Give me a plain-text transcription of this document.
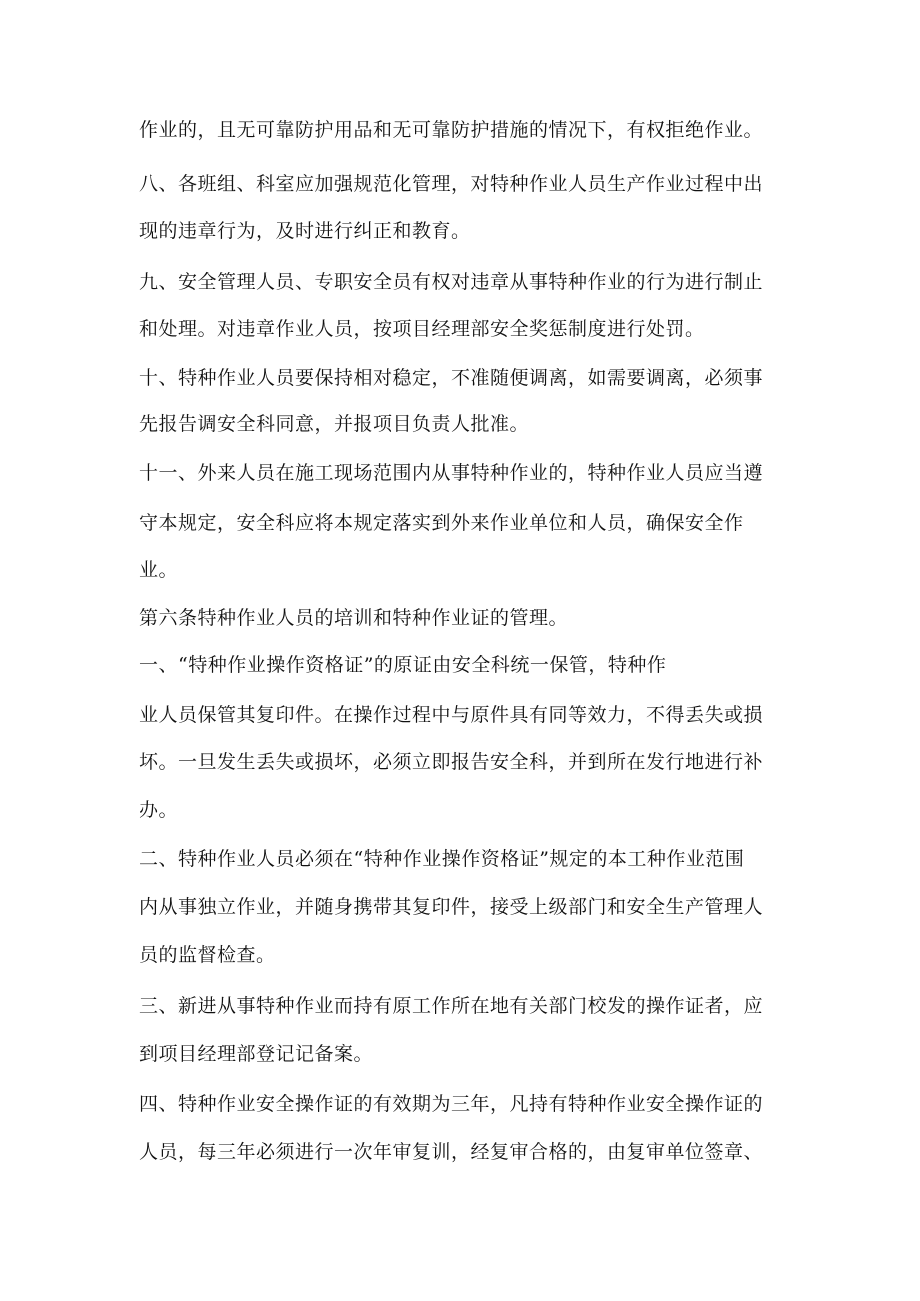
作业的，且无可靠防护用品和无可靠防护措施的情况下，有权拒绝作业。
八、各班组、科室应加强规范化管理，对特种作业人员生产作业过程中出
现的违章行为，及时进行纠正和教育。
九、安全管理人员、专职安全员有权对违章从事特种作业的行为进行制止
和处理。对违章作业人员，按项目经理部安全奖惩制度进行处罚。
十、特种作业人员要保持相对稳定，不准随便调离，如需要调离，必须事
先报告调安全科同意，并报项目负责人批准。
十一、外来人员在施工现场范围内从事特种作业的，特种作业人员应当遵
守本规定，安全科应将本规定落实到外来作业单位和人员，确保安全作
业。
第六条特种作业人员的培训和特种作业证的管理。
一、“特种作业操作资格证”的原证由安全科统一保管，特种作
业人员保管其复印件。在操作过程中与原件具有同等效力，不得丢失或损
坏。一旦发生丢失或损坏，必须立即报告安全科，并到所在发行地进行补
办。
二、特种作业人员必须在“特种作业操作资格证”规定的本工种作业范围
内从事独立作业，并随身携带其复印件，接受上级部门和安全生产管理人
员的监督检查。
三、新进从事特种作业而持有原工作所在地有关部门校发的操作证者，应
到项目经理部登记记备案。
四、特种作业安全操作证的有效期为三年，凡持有特种作业安全操作证的
人员，每三年必须进行一次年审复训，经复审合格的，由复审单位签章、
